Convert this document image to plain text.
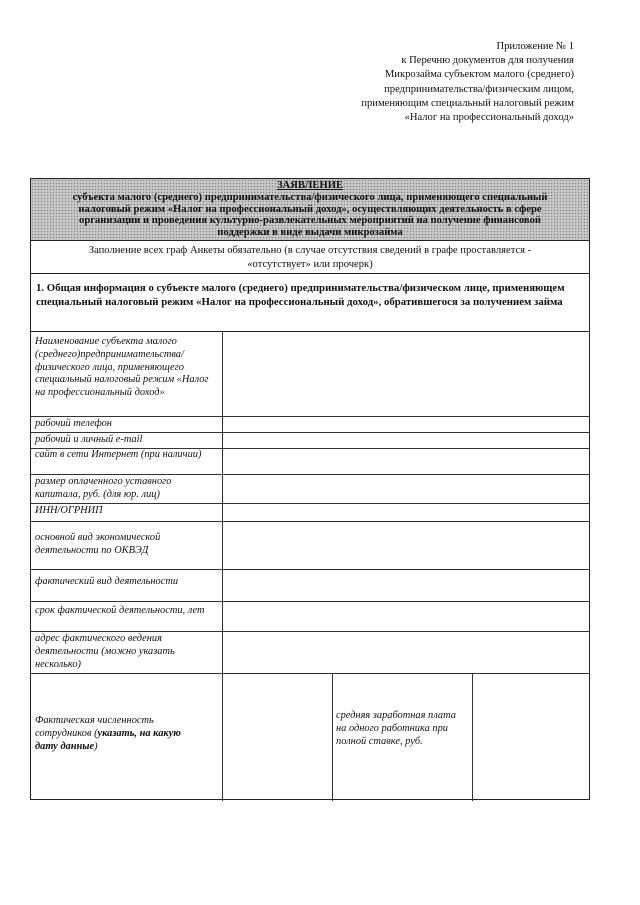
Приложение № 1
к Перечню документов для получения
Микрозайма субъектом малого (среднего)
предпринимательства/физическим лицом,
применяющим специальный налоговый режим
«Налог на профессиональный доход»
ЗАЯВЛЕНИЕ
субъекта малого (среднего) предпринимательства/физического лица, применяющего специальный
налоговый режим «Налог на профессиональный доход», осуществляющих деятельность в сфере
организации и проведения культурно-развлекательных мероприятий на получение финансовой
поддержки в виде выдачи микрозайма
Заполнение всех граф Анкеты обязательно (в случае отсутствия сведений в графе проставляется -
«отсутствует» или прочерк)
1. Общая информация о субъекте малого (среднего) предпринимательства/физическом лице, применяющем специальный налоговый режим «Налог на профессиональный доход», обратившегося за получением займа
Наименование субъекта малого (среднего)предпринимательства/ физического лица, применяющего специальный налоговый режим «Налог на профессиональный доход»
рабочий телефон
рабочий и личный e-mail
сайт в сети Интернет (при наличии)
размер оплаченного уставного капитала, руб. (для юр. лиц)
ИНН/ОГРНИП
основной вид экономической деятельности по ОКВЭД
фактический вид деятельности
срок фактической деятельности, лет
адрес фактического ведения деятельности (можно указать несколько)
Фактическая численность сотрудников (указать, на какую дату данные)
средняя заработная плата на одного работника при полной ставке, руб.
